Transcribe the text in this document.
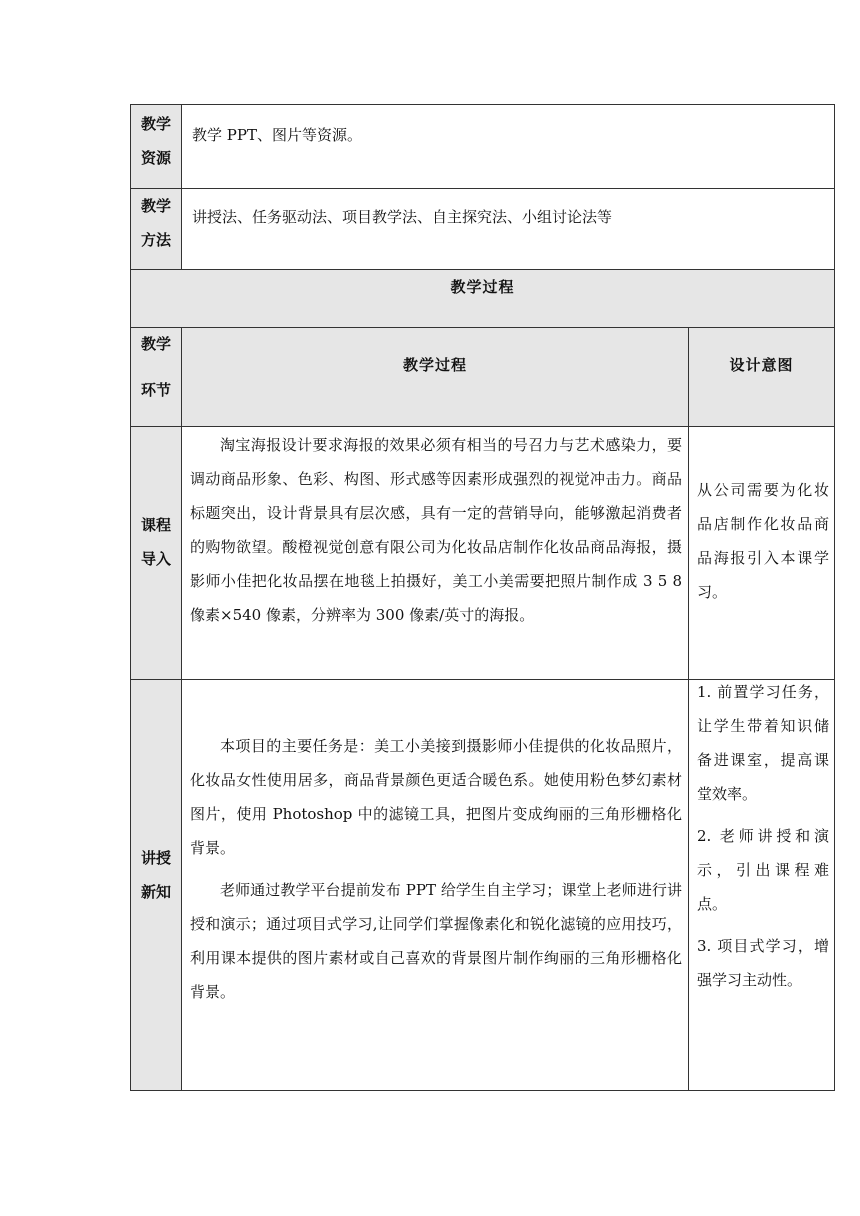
教学
资源
教学 PPT、图片等资源。
教学
方法
讲授法、任务驱动法、项目教学法、自主探究法、小组讨论法等
教学过程
教学
环节
教学过程	设计意图
课程
导入

淘宝海报设计要求海报的效果必须有相当的号召力与艺术感染力，要调动商品形象、色彩、构图、形式感等因素形成强烈的视觉冲击力。商品标题突出，设计背景具有层次感，具有一定的营销导向，能够激起消费者的购物欲望。酸橙视觉创意有限公司为化妆品店制作化妆品商品海报，摄影师小佳把化妆品摆在地毯上拍摄好，美工小美需要把照片制作成 3 5 8 像素×540 像素，分辨率为 300 像素/英寸的海报。

从公司需要为化妆品店制作化妆品商品海报引入本课学习。

讲授
新知

本项目的主要任务是：美工小美接到摄影师小佳提供的化妆品照片，化妆品女性使用居多，商品背景颜色更适合暖色系。她使用粉色梦幻素材图片，使用 Photoshop 中的滤镜工具，把图片变成绚丽的三角形栅格化背景。

老师通过教学平台提前发布 PPT 给学生自主学习；课堂上老师进行讲授和演示；通过项目式学习,让同学们掌握像素化和锐化滤镜的应用技巧，利用课本提供的图片素材或自己喜欢的背景图片制作绚丽的三角形栅格化背景。

1. 前置学习任务，让学生带着知识储备进课室，提高课堂效率。

2. 老师讲授和演示，引出课程难点。

3. 项目式学习，增强学习主动性。
